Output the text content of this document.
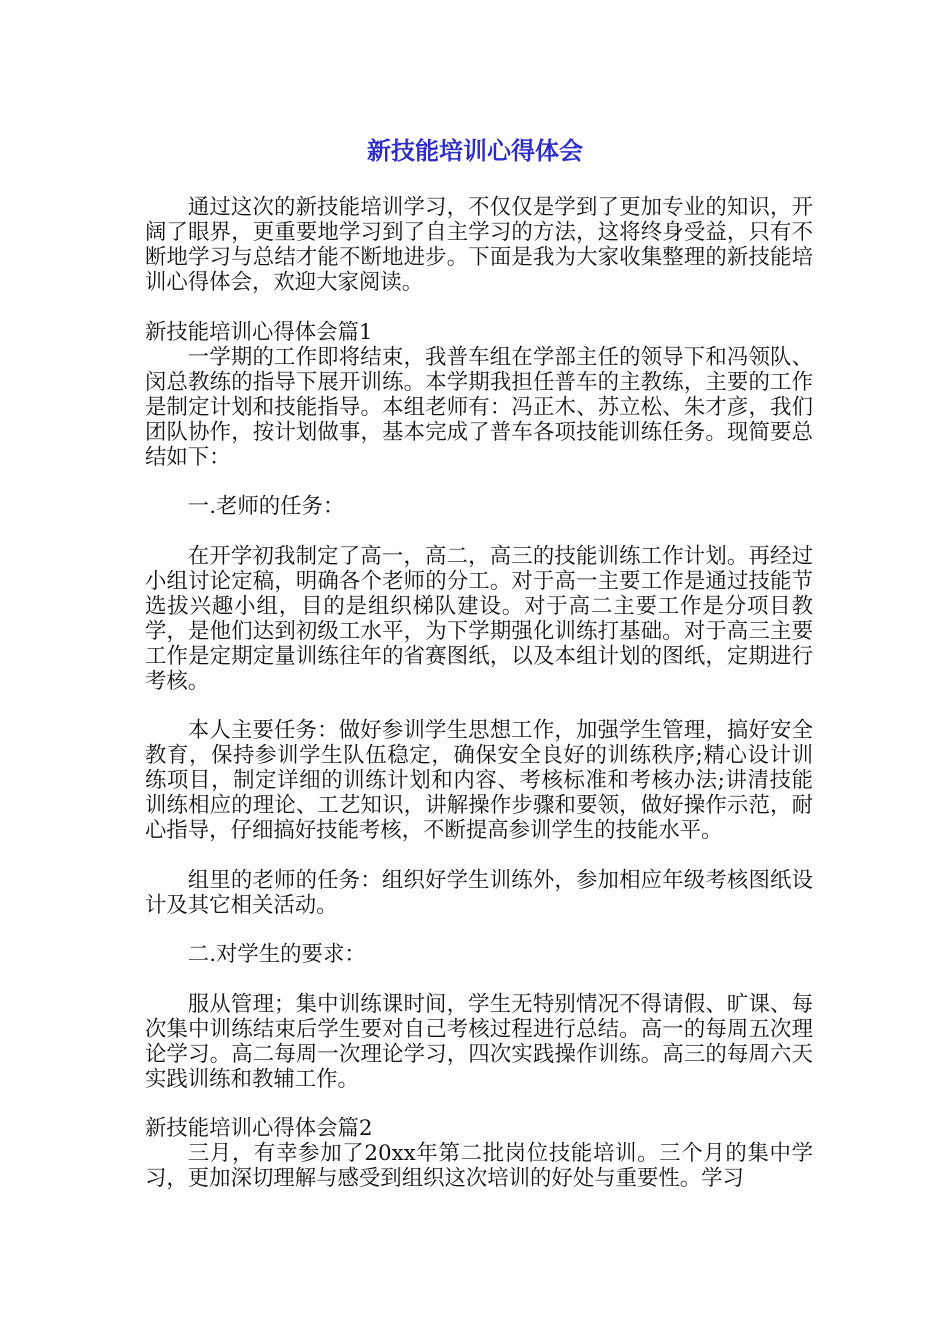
新技能培训心得体会

通过这次的新技能培训学习，不仅仅是学到了更加专业的知识，开阔了眼界，更重要地学习到了自主学习的方法，这将终身受益，只有不断地学习与总结才能不断地进步。下面是我为大家收集整理的新技能培训心得体会，欢迎大家阅读。

新技能培训心得体会篇1

一学期的工作即将结束，我普车组在学部主任的领导下和冯领队、闵总教练的指导下展开训练。本学期我担任普车的主教练，主要的工作是制定计划和技能指导。本组老师有：冯正木、苏立松、朱才彦，我们团队协作，按计划做事，基本完成了普车各项技能训练任务。现简要总结如下：

一.老师的任务：

在开学初我制定了高一，高二，高三的技能训练工作计划。再经过小组讨论定稿，明确各个老师的分工。对于高一主要工作是通过技能节选拔兴趣小组，目的是组织梯队建设。对于高二主要工作是分项目教学，是他们达到初级工水平，为下学期强化训练打基础。对于高三主要工作是定期定量训练往年的省赛图纸，以及本组计划的图纸，定期进行考核。

本人主要任务：做好参训学生思想工作，加强学生管理，搞好安全教育，保持参训学生队伍稳定，确保安全良好的训练秩序;精心设计训练项目，制定详细的训练计划和内容、考核标准和考核办法;讲清技能训练相应的理论、工艺知识，讲解操作步骤和要领，做好操作示范，耐心指导，仔细搞好技能考核，不断提高参训学生的技能水平。

组里的老师的任务：组织好学生训练外，参加相应年级考核图纸设计及其它相关活动。

二.对学生的要求：

服从管理；集中训练课时间，学生无特别情况不得请假、旷课、每次集中训练结束后学生要对自己考核过程进行总结。高一的每周五次理论学习。高二每周一次理论学习，四次实践操作训练。高三的每周六天实践训练和教辅工作。

新技能培训心得体会篇2

三月，有幸参加了20xx年第二批岗位技能培训。三个月的集中学习，更加深切理解与感受到组织这次培训的好处与重要性。学习
